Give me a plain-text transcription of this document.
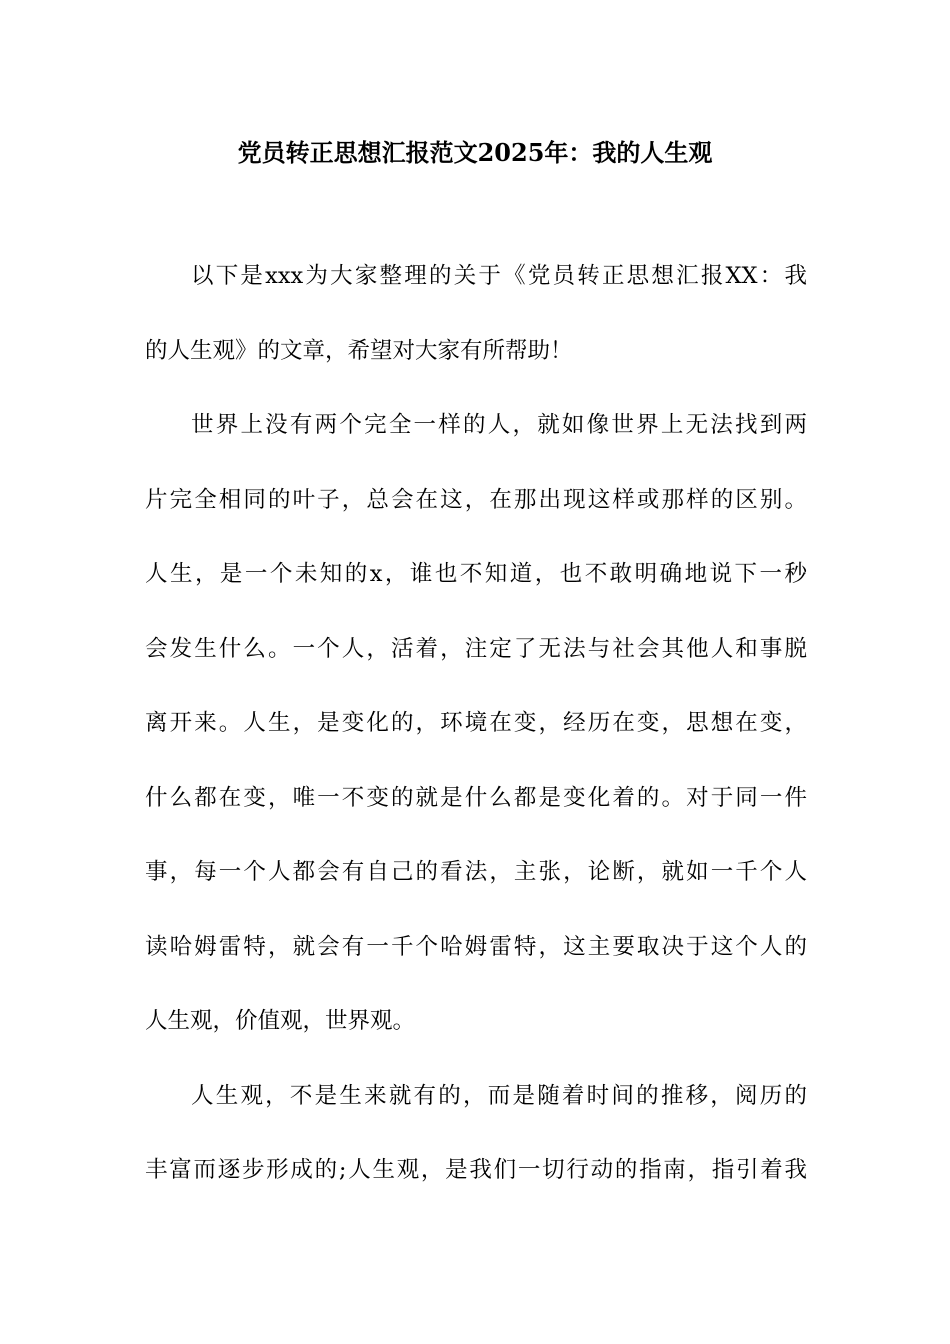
党员转正思想汇报范文2025年：我的人生观
以下是xxx为大家整理的关于《党员转正思想汇报XX：我
的人生观》的文章，希望对大家有所帮助！
世界上没有两个完全一样的人，就如像世界上无法找到两
片完全相同的叶子，总会在这，在那出现这样或那样的区别。
人生，是一个未知的x，谁也不知道，也不敢明确地说下一秒
会发生什么。一个人，活着，注定了无法与社会其他人和事脱
离开来。人生，是变化的，环境在变，经历在变，思想在变，
什么都在变，唯一不变的就是什么都是变化着的。对于同一件
事，每一个人都会有自己的看法，主张，论断，就如一千个人
读哈姆雷特，就会有一千个哈姆雷特，这主要取决于这个人的
人生观，价值观，世界观。
人生观，不是生来就有的，而是随着时间的推移，阅历的
丰富而逐步形成的;人生观，是我们一切行动的指南，指引着我
